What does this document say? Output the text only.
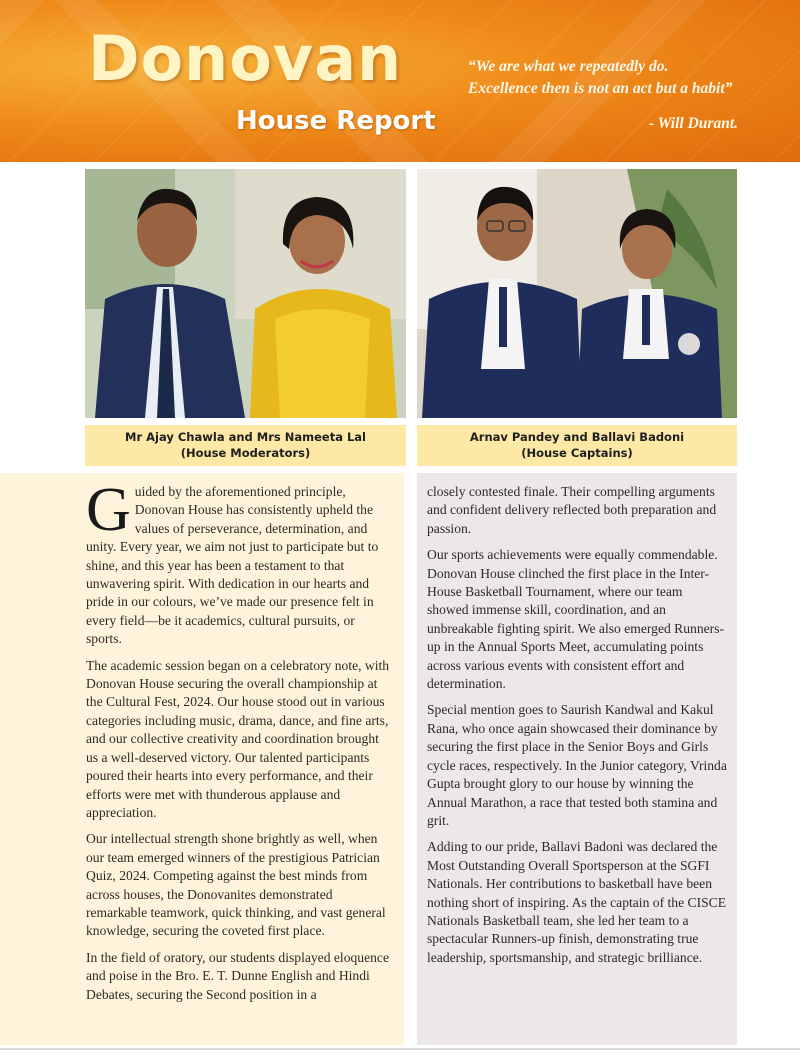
Donovan
House Report
“We are what we repeatedly do.
Excellence then is not an act but a habit”
- Will Durant.
Mr Ajay Chawla and Mrs Nameeta Lal
(House Moderators)
Arnav Pandey and Ballavi Badoni
(House Captains)

Guided by the aforementioned principle, Donovan House has consistently upheld the values of perseverance, determination, and unity. Every year, we aim not just to participate but to shine, and this year has been a testament to that unwavering spirit. With dedication in our hearts and pride in our colours, we’ve made our presence felt in every field—be it academics, cultural pursuits, or sports.

The academic session began on a celebratory note, with Donovan House securing the overall championship at the Cultural Fest, 2024. Our house stood out in various categories including music, drama, dance, and fine arts, and our collective creativity and coordination brought us a well-deserved victory. Our talented participants poured their hearts into every performance, and their efforts were met with thunderous applause and appreciation.

Our intellectual strength shone brightly as well, when our team emerged winners of the prestigious Patrician Quiz, 2024. Competing against the best minds from across houses, the Donovanites demonstrated remarkable teamwork, quick thinking, and vast general knowledge, securing the coveted first place.

In the field of oratory, our students displayed eloquence and poise in the Bro. E. T. Dunne English and Hindi Debates, securing the Second position in a

closely contested finale. Their compelling arguments and confident delivery reflected both preparation and passion.

Our sports achievements were equally commendable. Donovan House clinched the first place in the Inter-House Basketball Tournament, where our team showed immense skill, coordination, and an unbreakable fighting spirit. We also emerged Runners-up in the Annual Sports Meet, accumulating points across various events with consistent effort and determination.

Special mention goes to Saurish Kandwal and Kakul Rana, who once again showcased their dominance by securing the first place in the Senior Boys and Girls cycle races, respectively. In the Junior category, Vrinda Gupta brought glory to our house by winning the Annual Marathon, a race that tested both stamina and grit.

Adding to our pride, Ballavi Badoni was declared the Most Outstanding Overall Sportsperson at the SGFI Nationals. Her contributions to basketball have been nothing short of inspiring. As the captain of the CISCE Nationals Basketball team, she led her team to a spectacular Runners-up finish, demonstrating true leadership, sportsmanship, and strategic brilliance.
